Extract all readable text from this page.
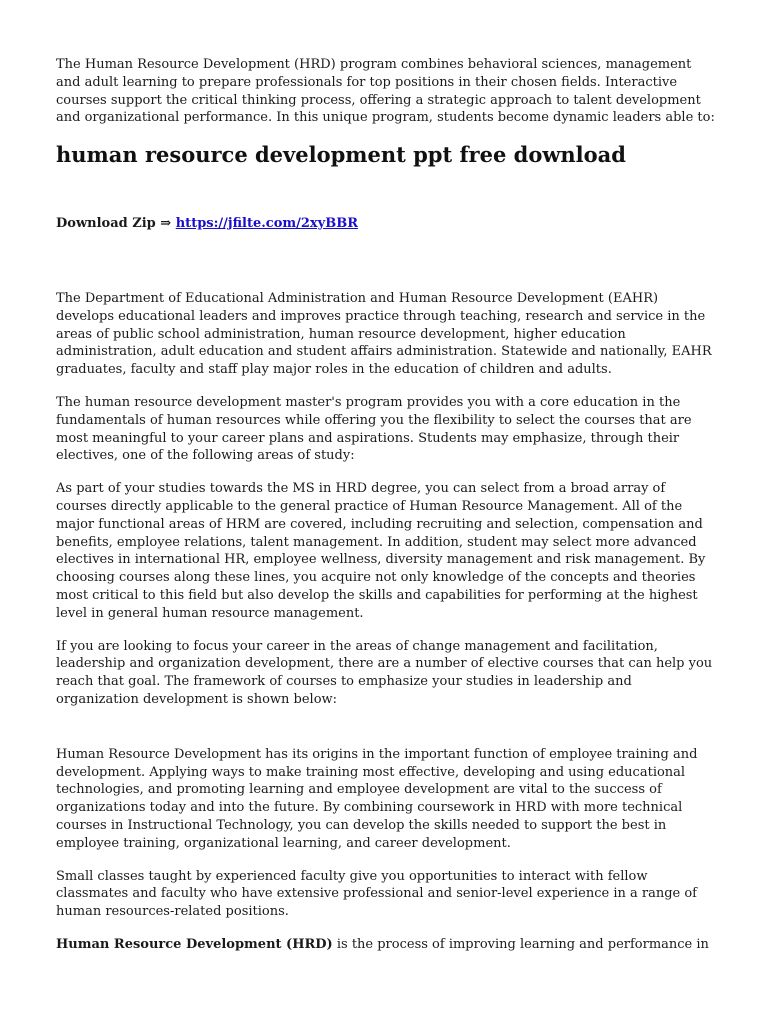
The Human Resource Development (HRD) program combines behavioral sciences, management and adult learning to prepare professionals for top positions in their chosen fields. Interactive courses support the critical thinking process, offering a strategic approach to talent development and organizational performance. In this unique program, students become dynamic leaders able to:

human resource development ppt free download

Download Zip ⇒ https://jfilte.com/2xyBBR

The Department of Educational Administration and Human Resource Development (EAHR) develops educational leaders and improves practice through teaching, research and service in the areas of public school administration, human resource development, higher education administration, adult education and student affairs administration. Statewide and nationally, EAHR graduates, faculty and staff play major roles in the education of children and adults.

The human resource development master's program provides you with a core education in the fundamentals of human resources while offering you the flexibility to select the courses that are most meaningful to your career plans and aspirations. Students may emphasize, through their electives, one of the following areas of study:

As part of your studies towards the MS in HRD degree, you can select from a broad array of courses directly applicable to the general practice of Human Resource Management. All of the major functional areas of HRM are covered, including recruiting and selection, compensation and benefits, employee relations, talent management. In addition, student may select more advanced electives in international HR, employee wellness, diversity management and risk management. By choosing courses along these lines, you acquire not only knowledge of the concepts and theories most critical to this field but also develop the skills and capabilities for performing at the highest level in general human resource management.

If you are looking to focus your career in the areas of change management and facilitation, leadership and organization development, there are a number of elective courses that can help you reach that goal. The framework of courses to emphasize your studies in leadership and organization development is shown below:

Human Resource Development has its origins in the important function of employee training and development. Applying ways to make training most effective, developing and using educational technologies, and promoting learning and employee development are vital to the success of organizations today and into the future. By combining coursework in HRD with more technical courses in Instructional Technology, you can develop the skills needed to support the best in employee training, organizational learning, and career development.

Small classes taught by experienced faculty give you opportunities to interact with fellow classmates and faculty who have extensive professional and senior-level experience in a range of human resources-related positions.

Human Resource Development (HRD) is the process of improving learning and performance in
